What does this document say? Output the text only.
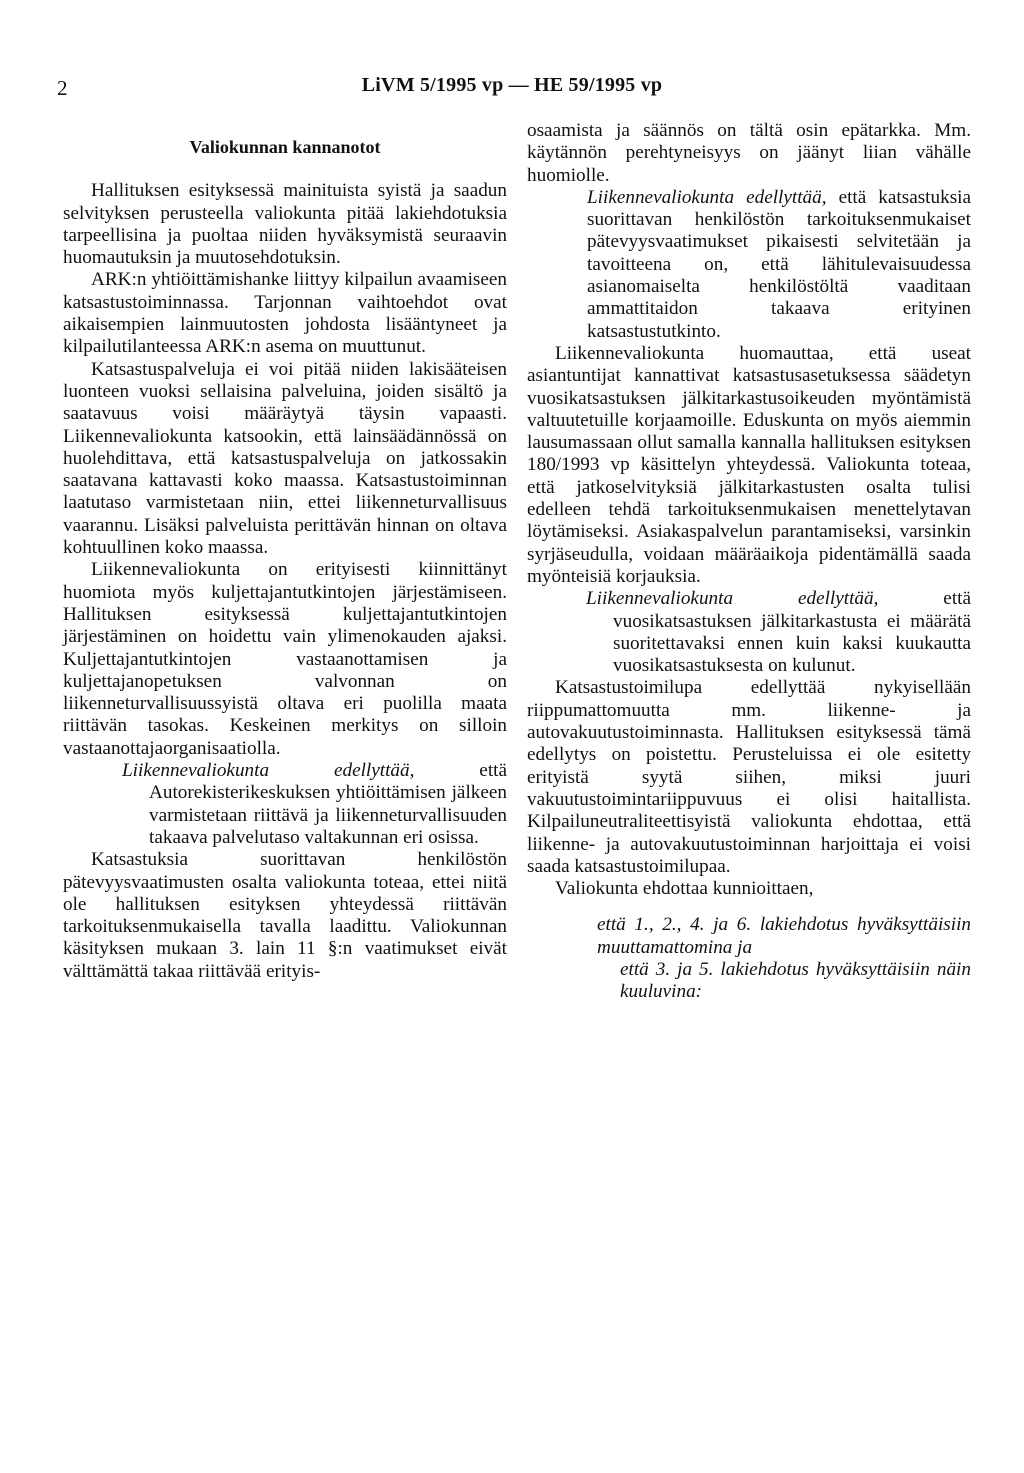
2	LiVM 5/1995 vp — HE 59/1995 vp
Valiokunnan kannanotot

Hallituksen esityksessä mainituista syistä ja saadun selvityksen perusteella valiokunta pitää lakiehdotuksia tarpeellisina ja puoltaa niiden hyväksymistä seuraavin huomautuksin ja muutosehdotuksin.

ARK:n yhtiöittämishanke liittyy kilpailun avaamiseen katsastustoiminnassa. Tarjonnan vaihtoehdot ovat aikaisempien lainmuutosten johdosta lisääntyneet ja kilpailutilanteessa ARK:n asema on muuttunut.

Katsastuspalveluja ei voi pitää niiden lakisääteisen luonteen vuoksi sellaisina palveluina, joiden sisältö ja saatavuus voisi määräytyä täysin vapaasti. Liikennevaliokunta katsookin, että lainsäädännössä on huolehdittava, että katsastuspalveluja on jatkossakin saatavana kattavasti koko maassa. Katsastustoiminnan laatutaso varmistetaan niin, ettei liikenneturvallisuus vaarannu. Lisäksi palveluista perittävän hinnan on oltava kohtuullinen koko maassa.

Liikennevaliokunta on erityisesti kiinnittänyt huomiota myös kuljettajantutkintojen järjestämiseen. Hallituksen esityksessä kuljettajantutkintojen järjestäminen on hoidettu vain ylimenokauden ajaksi. Kuljettajantutkintojen vastaanottamisen ja kuljettajanopetuksen valvonnan on liikenneturvallisuussyistä oltava eri puolilla maata riittävän tasokas. Keskeinen merkitys on silloin vastaanottajaorganisaatiolla.

Liikennevaliokunta edellyttää,	että Autorekisterikeskuksen yhtiöittämisen jälkeen varmistetaan riittävä ja liikenneturvallisuuden takaava palvelutaso valtakunnan eri osissa.

Katsastuksia suorittavan henkilöstön pätevyysvaatimusten osalta valiokunta toteaa, ettei niitä ole hallituksen esityksen yhteydessä riittävän tarkoituksenmukaisella tavalla laadittu. Valiokunnan käsityksen mukaan 3. lain 11 §:n vaatimukset eivät välttämättä takaa riittävää erityis-

osaamista ja säännös on tältä osin epätarkka. Mm. käytännön perehtyneisyys on jäänyt liian vähälle huomiolle.

Liikennevaliokunta edellyttää, että katsastuksia suorittavan henkilöstön tarkoituksenmukaiset pätevyysvaatimukset pikaisesti selvitetään ja tavoitteena on, että lähitulevaisuudessa asianomaiselta henkilöstöltä vaaditaan ammattitaidon takaava erityinen katsastustutkinto.

Liikennevaliokunta huomauttaa, että useat asiantuntijat kannattivat katsastusasetuksessa säädetyn vuosikatsastuksen jälkitarkastusoikeuden myöntämistä valtuutetuille korjaamoille. Eduskunta on myös aiemmin lausumassaan ollut samalla kannalla hallituksen esityksen 180/1993 vp käsittelyn yhteydessä. Valiokunta toteaa, että jatkoselvityksiä jälkitarkastusten osalta tulisi edelleen tehdä tarkoituksenmukaisen menettelytavan löytämiseksi. Asiakaspalvelun parantamiseksi, varsinkin syrjäseudulla, voidaan määräaikoja pidentämällä saada myönteisiä korjauksia.

Liikennevaliokunta edellyttää,	että vuosikatsastuksen jälkitarkastusta ei määrätä suoritettavaksi ennen kuin kaksi kuukautta vuosikatsastuksesta on kulunut.

Katsastustoimilupa edellyttää nykyisellään riippumattomuutta mm. liikenne- ja autovakuutustoiminnasta. Hallituksen esityksessä tämä edellytys on poistettu. Perusteluissa ei ole esitetty erityistä syytä siihen, miksi juuri vakuutustoimintariippuvuus ei olisi haitallista. Kilpailuneutraliteettisyistä valiokunta ehdottaa, että liikenne- ja autovakuutustoiminnan harjoittaja ei voisi saada katsastustoimilupaa.

Valiokunta ehdottaa kunnioittaen,

että 1., 2., 4. ja 6. lakiehdotus hyväksyttäisiin muuttamattomina ja

että 3. ja 5. lakiehdotus hyväksyttäisiin näin kuuluvina:
